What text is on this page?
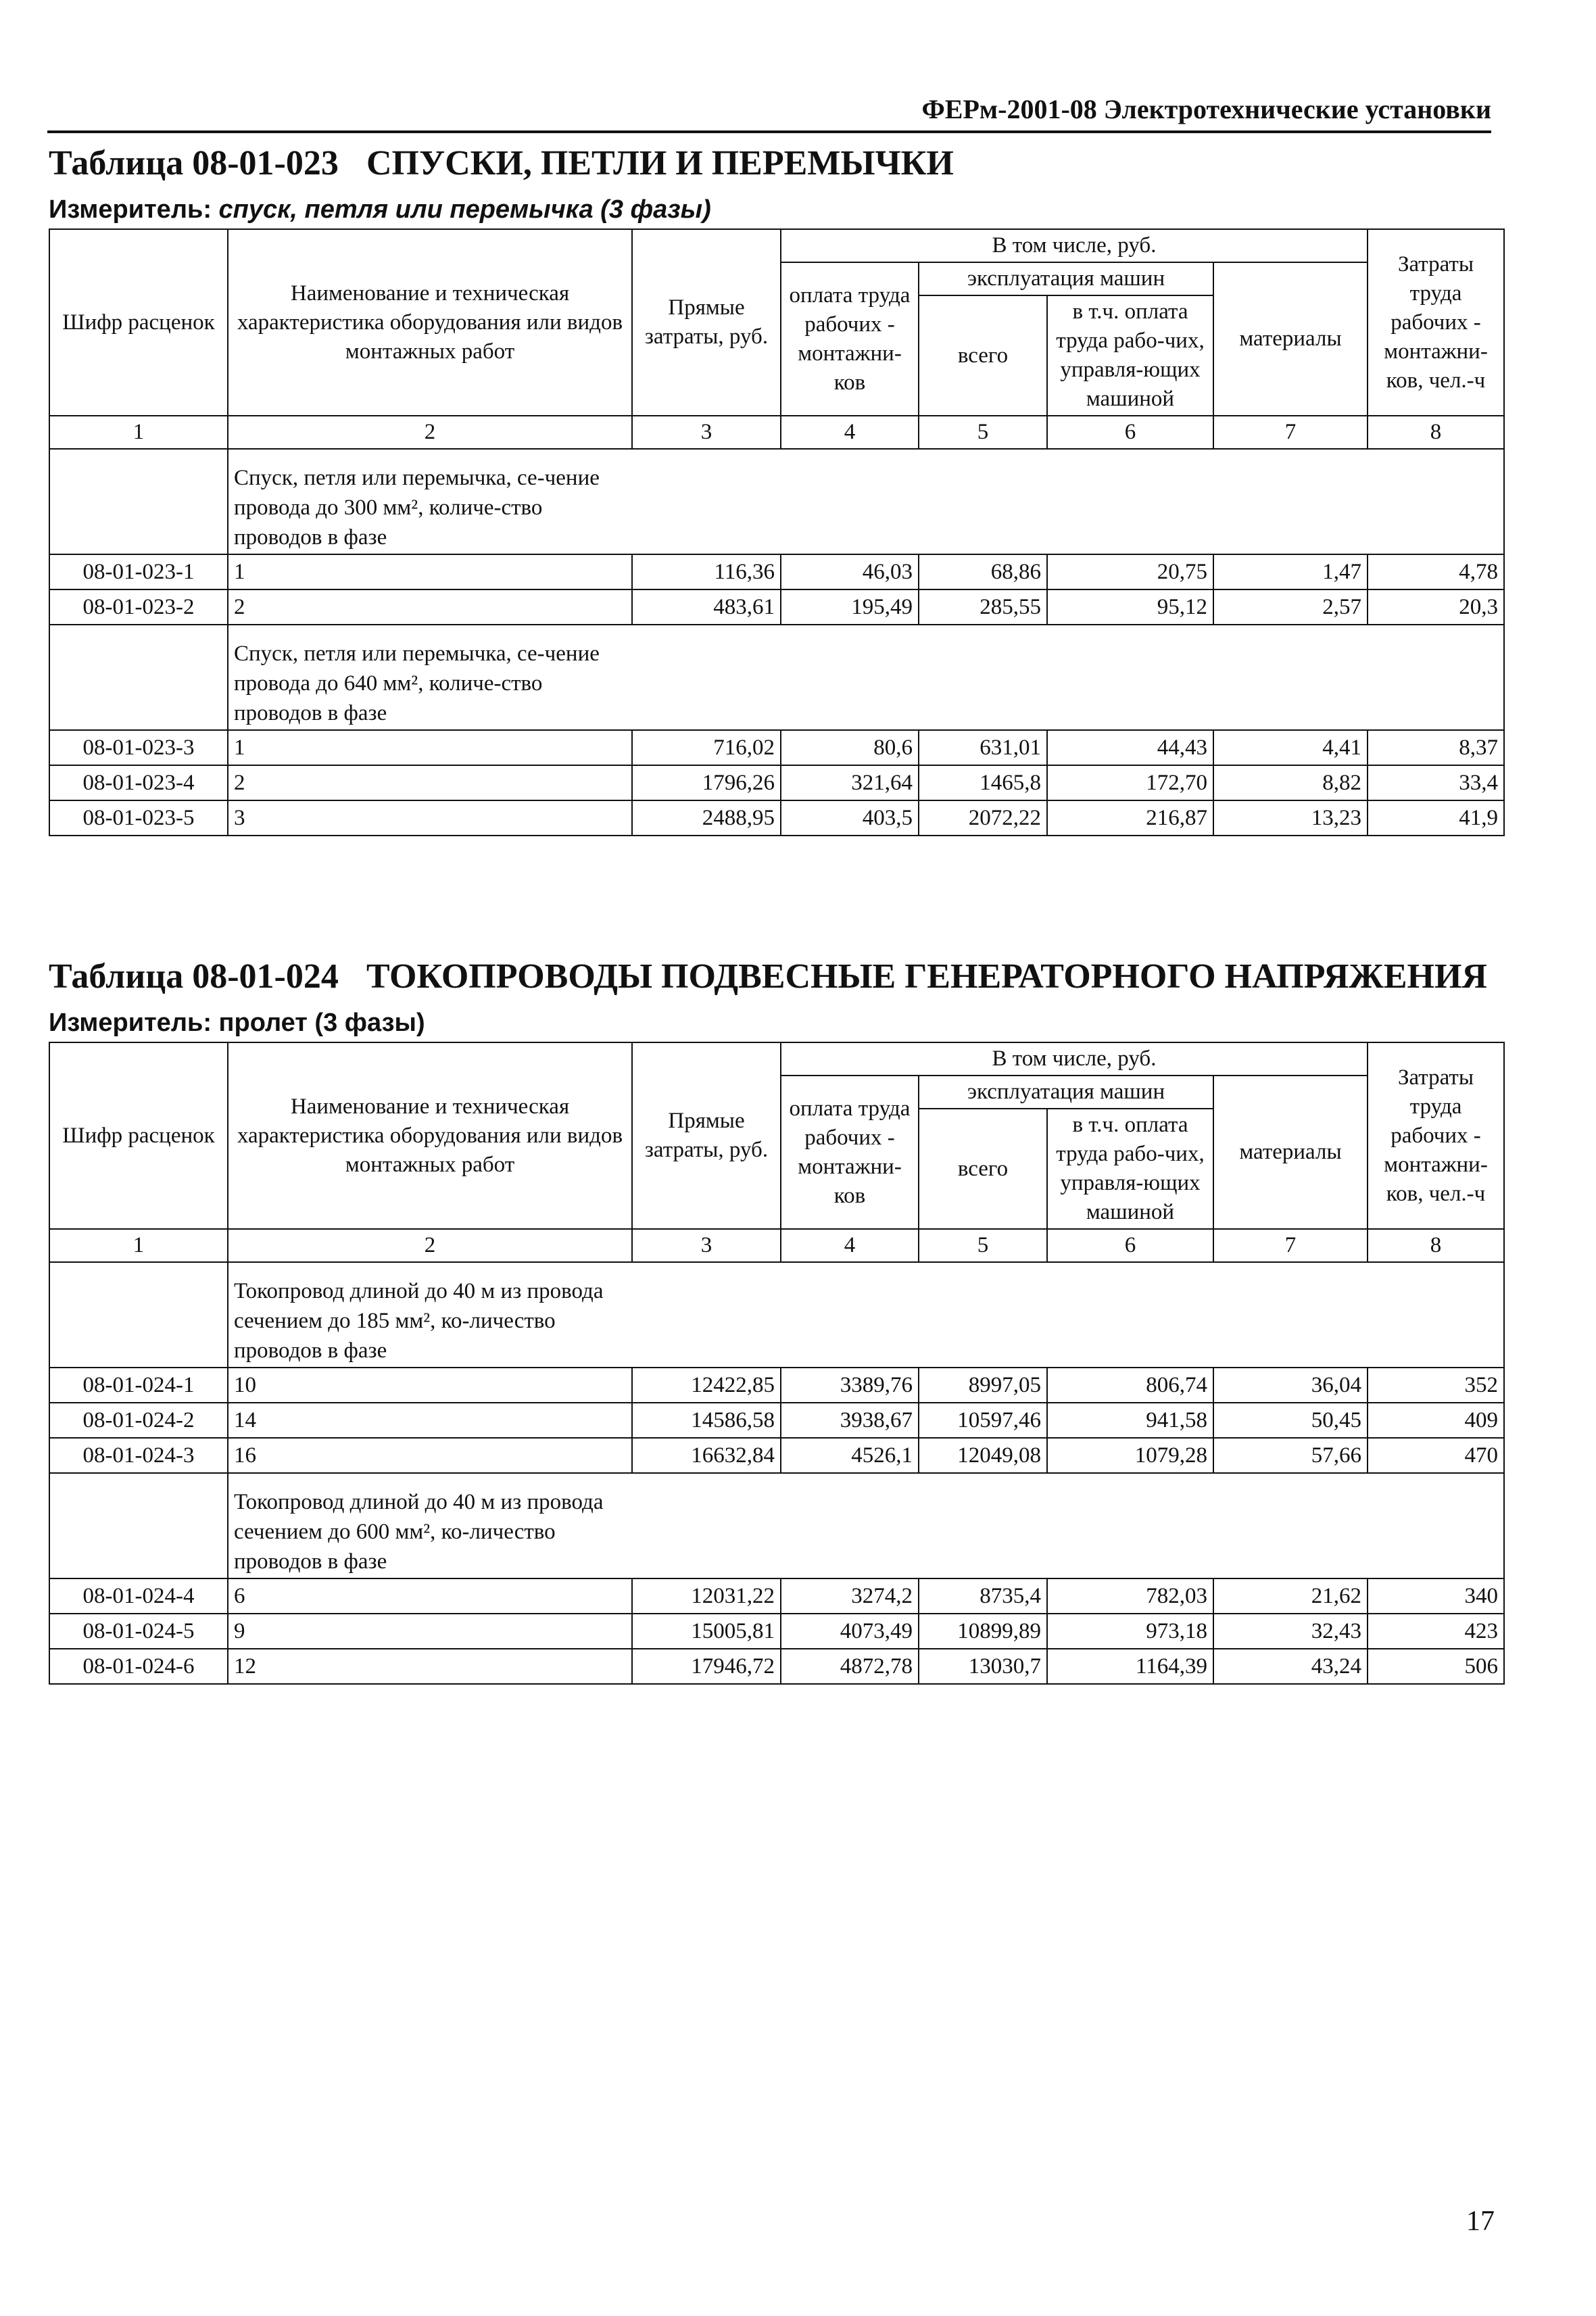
ФЕРм-2001-08 Электротехнические установки
Таблица 08-01-023 СПУСКИ, ПЕТЛИ И ПЕРЕМЫЧКИ
Измеритель: спуск, петля или перемычка (3 фазы)
Шифр расценок	Наименование и техническая характеристика оборудования или видов монтажных работ	Прямые затраты, руб.	В том числе, руб.				Затраты труда рабочих - монтажни-ков, чел.-ч
			оплата труда рабочих - монтажни-ков	эксплуатация машин		материалы	
				всего	в т.ч. оплата труда рабо-чих, управля-ющих машиной		
1	2	3	4	5	6	7	8
	Спуск, петля или перемычка, се-чение провода до 300 мм², количе-ство проводов в фазе						
08-01-023-1	1	116,36	46,03	68,86	20,75	1,47	4,78
08-01-023-2	2	483,61	195,49	285,55	95,12	2,57	20,3
	Спуск, петля или перемычка, се-чение провода до 640 мм², количе-ство проводов в фазе						
08-01-023-3	1	716,02	80,6	631,01	44,43	4,41	8,37
08-01-023-4	2	1796,26	321,64	1465,8	172,70	8,82	33,4
08-01-023-5	3	2488,95	403,5	2072,22	216,87	13,23	41,9
Таблица 08-01-024 ТОКОПРОВОДЫ ПОДВЕСНЫЕ ГЕНЕРАТОРНОГО НАПРЯЖЕНИЯ
Измеритель: пролет (3 фазы)
Шифр расценок	Наименованиe и техническая характеристика оборудования или видов монтажных работ	Прямые затраты, руб.	В том числе, руб.				Затраты труда рабочих - монтажни-ков, чел.-ч
			оплата труда рабочих - монтажни-ков	эксплуатация машин		материалы	
				всего	в т.ч. оплата труда рабо-чих, управля-ющих машиной		
1	2	3	4	5	6	7	8
	Токопровод длиной до 40 м из провода сечением до 185 мм², ко-личество проводов в фазе						
08-01-024-1	10	12422,85	3389,76	8997,05	806,74	36,04	352
08-01-024-2	14	14586,58	3938,67	10597,46	941,58	50,45	409
08-01-024-3	16	16632,84	4526,1	12049,08	1079,28	57,66	470
	Токопровод длиной до 40 м из провода сечением до 600 мм², ко-личество проводов в фазе						
08-01-024-4	6	12031,22	3274,2	8735,4	782,03	21,62	340
08-01-024-5	9	15005,81	4073,49	10899,89	973,18	32,43	423
08-01-024-6	12	17946,72	4872,78	13030,7	1164,39	43,24	506
17
